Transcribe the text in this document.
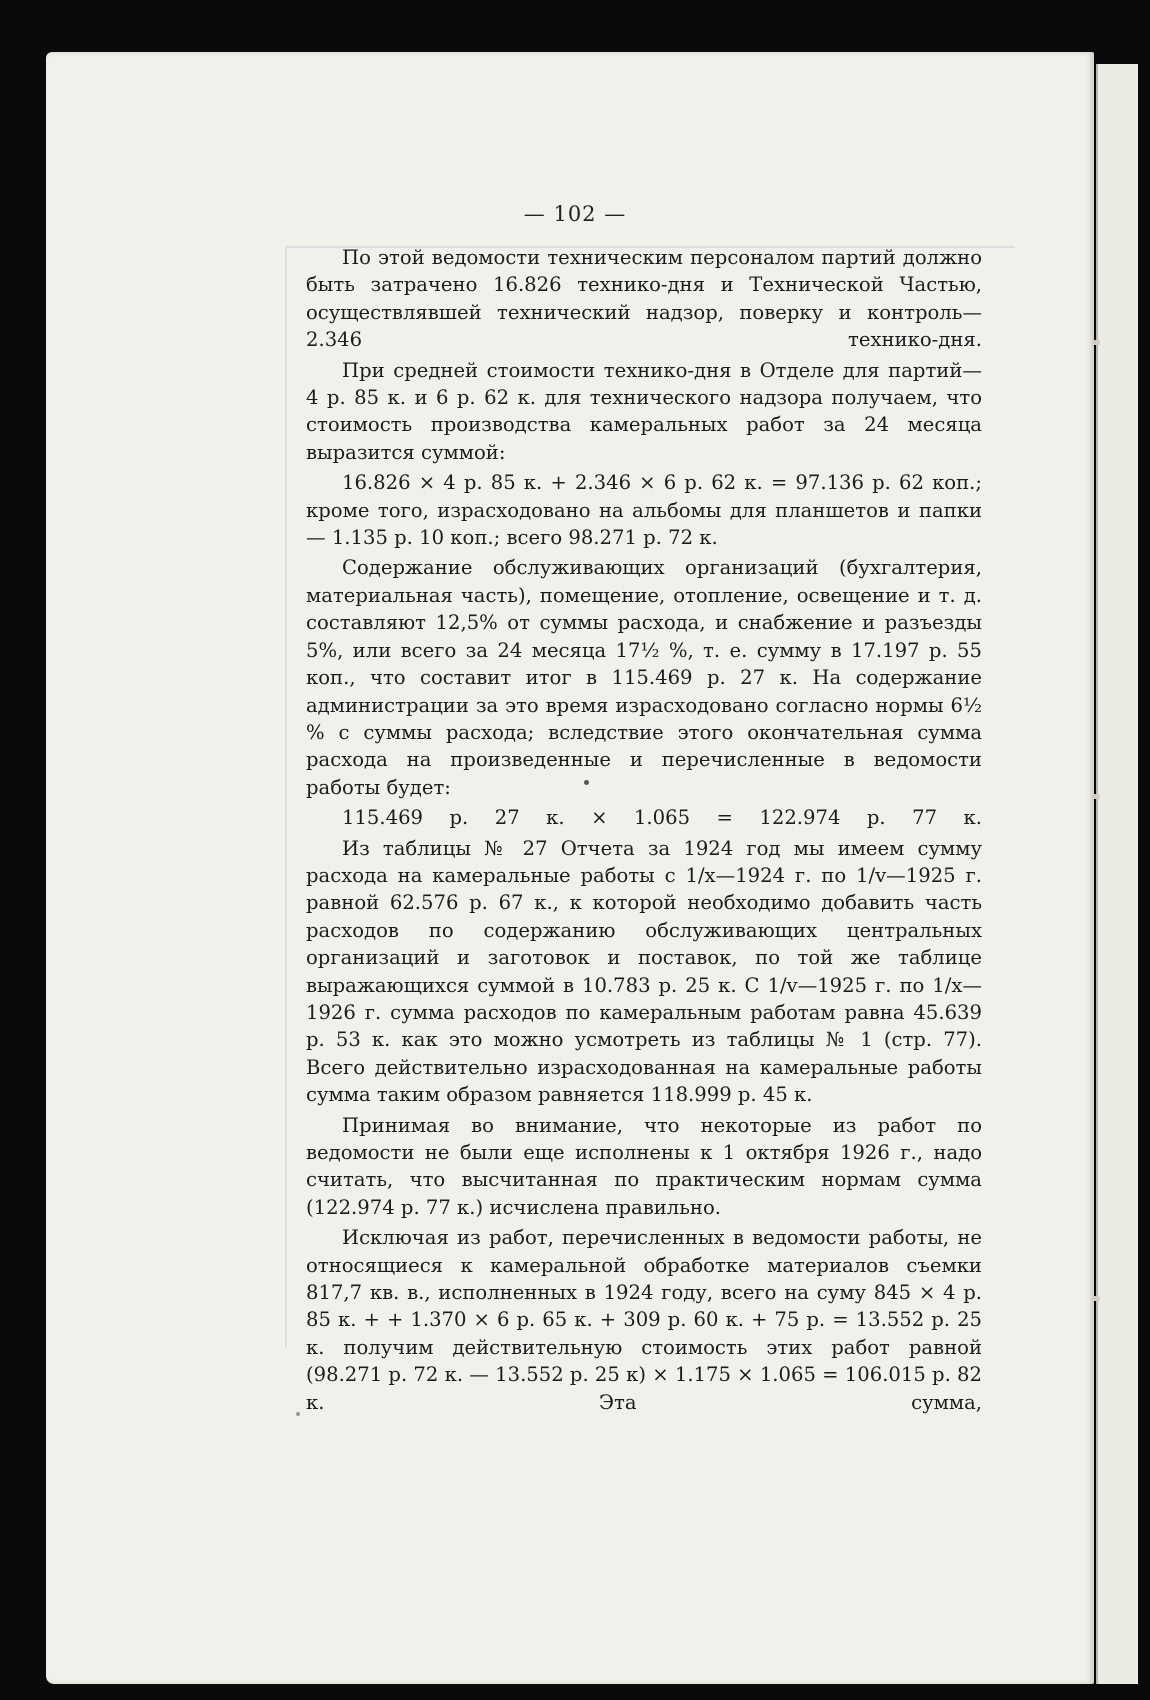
— 102 —

По этой ведомости техническим персоналом партий должно быть затрачено 16.826 технико-дня и Технической Частью, осуществлявшей технический надзор, поверку и контроль—2.346 технико-дня.

При средней стоимости технико-дня в Отделе для партий— 4 р. 85 к. и 6 р. 62 к. для технического надзора получаем, что стоимость производства камеральных работ за 24 месяца выразится суммой:

16.826 × 4 р. 85 к. + 2.346 × 6 р. 62 к. = 97.136 р. 62 коп.; кроме того, израсходовано на альбомы для планшетов и папки— 1.135 р. 10 коп.; всего 98.271 р. 72 к.

Содержание обслуживающих организаций (бухгалтерия, материальная часть), помещение, отопление, освещение и т. д. составляют 12,5% от суммы расхода, и снабжение и разъезды 5%, или всего за 24 месяца 17½ %, т. е. сумму в 17.197 р. 55 коп., что составит итог в 115.469 р. 27 к. На содержание администрации за это время израсходовано согласно нормы 6½ % с суммы расхода; вследствие этого окончательная сумма расхода на произведенные и перечисленные в ведомости работы будет:

115.469 р. 27 к. × 1.065 = 122.974 р. 77 к.

Из таблицы № 27 Отчета за 1924 год мы имеем сумму расхода на камеральные работы с 1/х—1924 г. по 1/v—1925 г. равной 62.576 р. 67 к., к которой необходимо добавить часть расходов по содержанию обслуживающих центральных организаций и заготовок и поставок, по той же таблице выражающихся суммой в 10.783 р. 25 к. С 1/v—1925 г. по 1/х—1926 г. сумма расходов по камеральным работам равна 45.639 р. 53 к. как это можно усмотреть из таблицы № 1 (стр. 77). Всего действительно израсходованная на камеральные работы сумма таким образом равняется 118.999 р. 45 к.

Принимая во внимание, что некоторые из работ по ведомости не были еще исполнены к 1 октября 1926 г., надо считать, что высчитанная по практическим нормам сумма (122.974 р. 77 к.) исчислена правильно.

Исключая из работ, перечисленных в ведомости работы, не относящиеся к камеральной обработке материалов съемки 817,7 кв. в., исполненных в 1924 году, всего на суму 845 × 4 р. 85 к. + + 1.370 × 6 р. 65 к. + 309 р. 60 к. + 75 р. = 13.552 р. 25 к. получим действительную стоимость этих работ равной (98.271 р. 72 к. — 13.552 р. 25 к) × 1.175 × 1.065 = 106.015 р. 82 к. Эта сумма,
